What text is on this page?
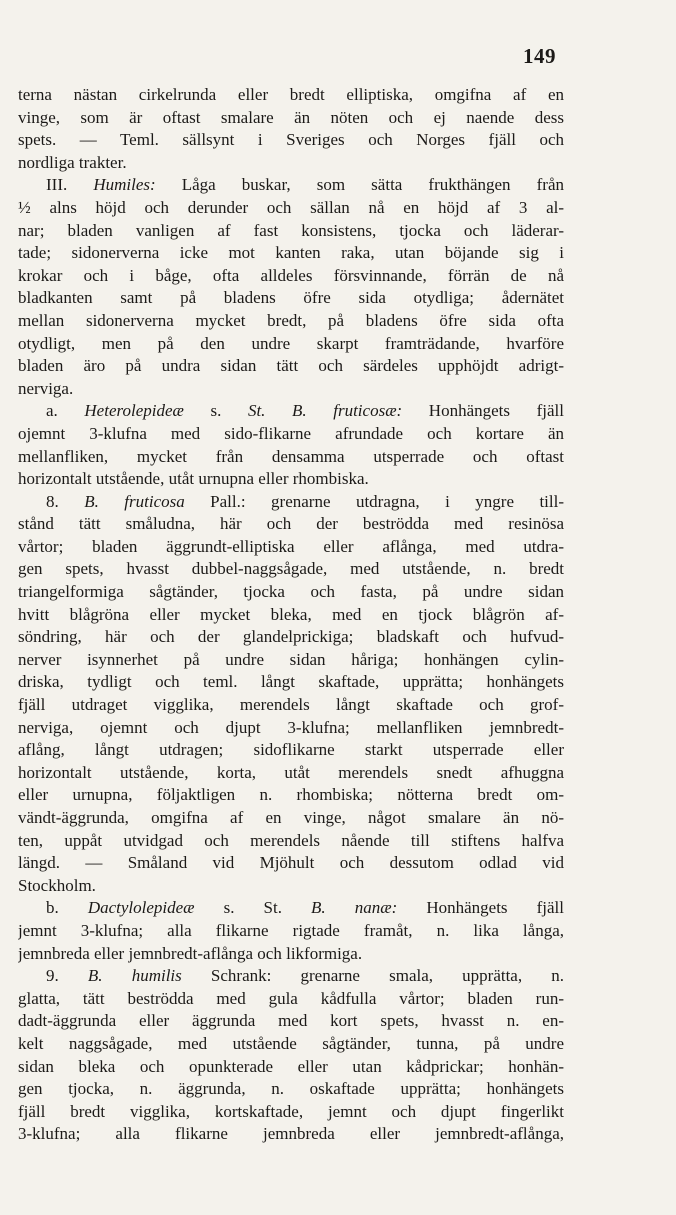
149
terna nästan cirkelrunda eller bredt elliptiska, omgifna af en
vinge, som är oftast smalare än nöten och ej naende dess
spets. — Teml. sällsynt i Sveriges och Norges fjäll och
nordliga trakter.
III. Humiles: Låga buskar, som sätta frukthängen från
½ alns höjd och derunder och sällan nå en höjd af 3 al-
nar; bladen vanligen af fast konsistens, tjocka och läderar-
tade; sidonerverna icke mot kanten raka, utan böjande sig i
krokar och i båge, ofta alldeles försvinnande, förrän de nå
bladkanten samt på bladens öfre sida otydliga; ådernätet
mellan sidonerverna mycket bredt, på bladens öfre sida ofta
otydligt, men på den undre skarpt framträdande, hvarföre
bladen äro på undra sidan tätt och särdeles upphöjdt adrigt-
nerviga.
a. Heterolepideæ s. St. B. fruticosæ: Honhängets fjäll
ojemnt 3-klufna med sido-flikarne afrundade och kortare än
mellanfliken, mycket från densamma utsperrade och oftast
horizontalt utstående, utåt urnupna eller rhombiska.
8. B. fruticosa Pall.: grenarne utdragna, i yngre till-
stånd tätt småludna, här och der beströdda med resinösa
vårtor; bladen äggrundt-elliptiska eller aflånga, med utdra-
gen spets, hvasst dubbel-naggsågade, med utstående, n. bredt
triangelformiga sågtänder, tjocka och fasta, på undre sidan
hvitt blågröna eller mycket bleka, med en tjock blågrön af-
söndring, här och der glandelprickiga; bladskaft och hufvud-
nerver isynnerhet på undre sidan håriga; honhängen cylin-
driska, tydligt och teml. långt skaftade, upprätta; honhängets
fjäll utdraget vigglika, merendels långt skaftade och grof-
nerviga, ojemnt och djupt 3-klufna; mellanfliken jemnbredt-
aflång, långt utdragen; sidoflikarne starkt utsperrade eller
horizontalt utstående, korta, utåt merendels snedt afhuggna
eller urnupna, följaktligen n. rhombiska; nötterna bredt om-
vändt-äggrunda, omgifna af en vinge, något smalare än nö-
ten, uppåt utvidgad och merendels nående till stiftens halfva
längd. — Småland vid Mjöhult och dessutom odlad vid
Stockholm.
b. Dactylolepideæ s. St. B. nanæ: Honhängets fjäll
jemnt 3-klufna; alla flikarne rigtade framåt, n. lika långa,
jemnbreda eller jemnbredt-aflånga och likformiga.
9. B. humilis Schrank: grenarne smala, upprätta, n.
glatta, tätt beströdda med gula kådfulla vårtor; bladen run-
dadt-äggrunda eller äggrunda med kort spets, hvasst n. en-
kelt naggsågade, med utstående sågtänder, tunna, på undre
sidan bleka och opunkterade eller utan kådprickar; honhän-
gen tjocka, n. äggrunda, n. oskaftade upprätta; honhängets
fjäll bredt vigglika, kortskaftade, jemnt och djupt fingerlikt
3-klufna; alla flikarne jemnbreda eller jemnbredt-aflånga,
